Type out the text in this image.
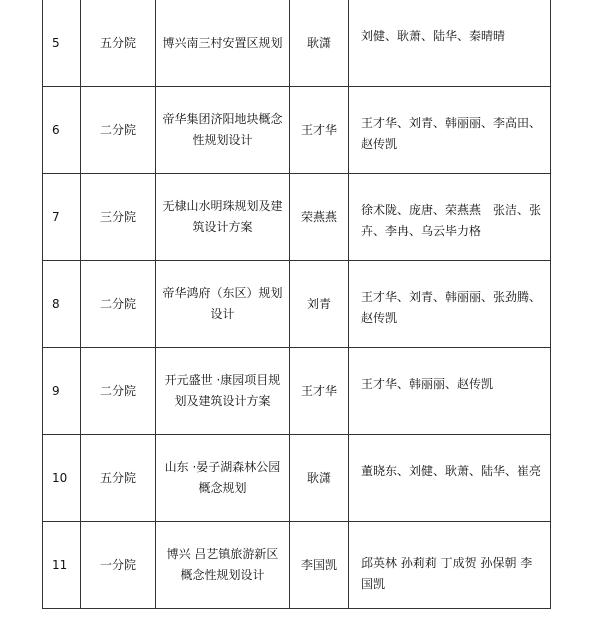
5	五分院	博兴南三村安置区规划	耿潇	刘健、耿萧、陆华、秦晴晴
6	二分院	帝华集团济阳地块概念性规划设计	王才华	王才华、刘青、韩丽丽、李高田、赵传凯
7	三分院	无棣山水明珠规划及建筑设计方案	荣燕燕	徐术陇、庞唐、荣燕燕　张洁、张卉、李冉、乌云毕力格
8	二分院	帝华鸿府（东区）规划设计	刘青	王才华、刘青、韩丽丽、张劲腾、赵传凯
9	二分院	开元盛世 ·康园项目规划及建筑设计方案	王才华	王才华、韩丽丽、赵传凯
10	五分院	山东 ·晏子湖森林公园概念规划	耿潇	董晓东、刘健、耿萧、陆华、崔亮
11	一分院	博兴 吕艺镇旅游新区概念性规划设计	李国凯	邱英林 孙莉莉 丁成贺 孙保朝 李国凯
